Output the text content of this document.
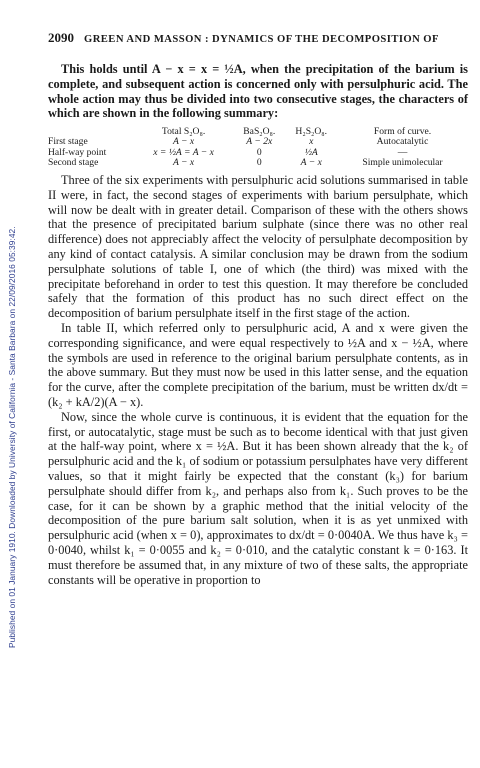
Published on 01 January 1910. Downloaded by University of California - Santa Barbara on 22/09/2016 05:39:42.
2090 GREEN AND MASSON : DYNAMICS OF THE DECOMPOSITION OF

This holds until A − x = x = ½A, when the precipitation of the barium is complete, and subsequent action is concerned only with persulphuric acid. The whole action may thus be divided into two consecutive stages, the characters of which are shown in the following summary:

	Total S₂O₈.	BaS₂O₈.	H₂S₂O₈.	Form of curve.
First stage	A − x	A − 2x	x	Autocatalytic
Half-way point	x = ½A = A − x	0	½A	—
Second stage	A − x	0	A − x	Simple unimolecular

Three of the six experiments with persulphuric acid solutions summarised in table II were, in fact, the second stages of experiments with barium persulphate, which will now be dealt with in greater detail. Comparison of these with the others shows that the presence of precipitated barium sulphate (since there was no other real difference) does not appreciably affect the velocity of persulphate decomposition by any kind of contact catalysis. A similar conclusion may be drawn from the sodium persulphate solutions of table I, one of which (the third) was mixed with the precipitate beforehand in order to test this question. It may therefore be concluded safely that the formation of this product has no such direct effect on the decomposition of barium persulphate itself in the first stage of the action.

In table II, which referred only to persulphuric acid, A and x were given the corresponding significance, and were equal respectively to ½A and x − ½A, where the symbols are used in reference to the original barium persulphate contents, as in the above summary. But they must now be used in this latter sense, and the equation for the curve, after the complete precipitation of the barium, must be written dx/dt = (k₂ + kA/2)(A − x).

Now, since the whole curve is continuous, it is evident that the equation for the first, or autocatalytic, stage must be such as to become identical with that just given at the half-way point, where x = ½A. But it has been shown already that the k₂ of persulphuric acid and the k₁ of sodium or potassium persulphates have very different values, so that it might fairly be expected that the constant (k₃) for barium persulphate should differ from k₂, and perhaps also from k₁. Such proves to be the case, for it can be shown by a graphic method that the initial velocity of the decomposition of the pure barium salt solution, when it is as yet unmixed with persulphuric acid (when x = 0), approximates to dx/dt = 0·0040A. We thus have k₃ = 0·0040, whilst k₁ = 0·0055 and k₂ = 0·010, and the catalytic constant k = 0·163. It must therefore be assumed that, in any mixture of two of these salts, the appropriate constants will be operative in proportion to
